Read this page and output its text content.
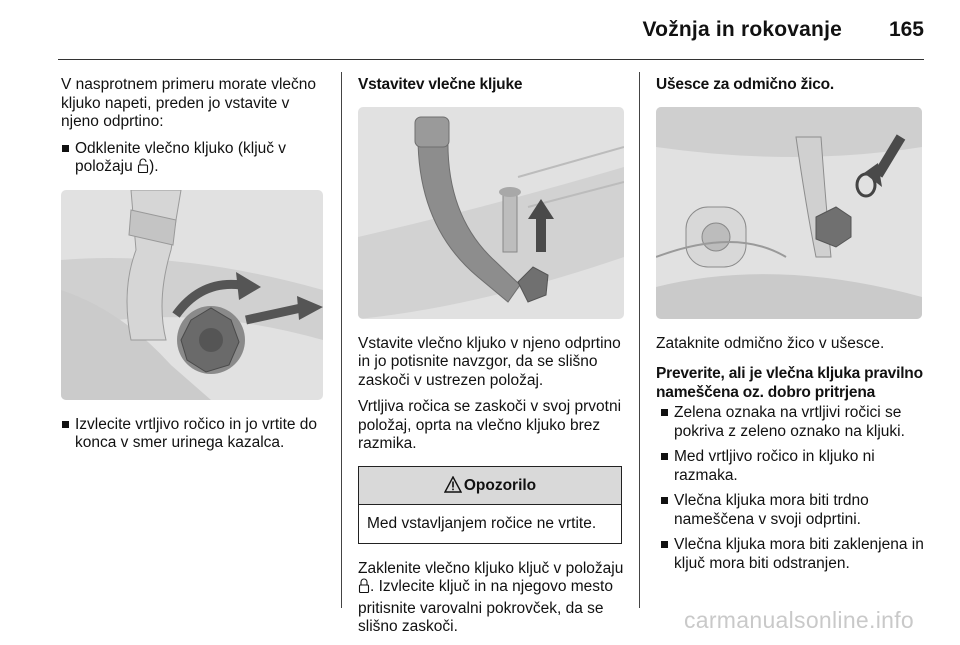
Vožnja in rokovanje 165

V nasprotnem primeru morate vlečno kljuko napeti, preden jo vstavite v njeno odprtino:

Odklenite vlečno kljuko (ključ v položaju ).
Izvlecite vrtljivo ročico in jo vrtite do konca v smer urinega kazalca.
Vstavitev vlečne kljuke

Vstavite vlečno kljuko v njeno odprtino in jo potisnite navzgor, da se slišno zaskoči v ustrezen položaj.

Vrtljiva ročica se zaskoči v svoj prvotni položaj, oprta na vlečno kljuko brez razmika.

Opozorilo
Med vstavljanjem ročice ne vrtite.

Zaklenite vlečno kljuko ključ v položaju . Izvlecite ključ in na njegovo mesto pritisnite varovalni pokrovček, da se slišno zaskoči.

Ušesce za odmično žico.

Zataknite odmično žico v ušesce.

Preverite, ali je vlečna kljuka pravilno nameščena oz. dobro pritrjena
Zelena oznaka na vrtljivi ročici se pokriva z zeleno oznako na kljuki.
Med vrtljivo ročico in kljuko ni razmaka.
Vlečna kljuka mora biti trdno nameščena v svoji odprtini.
Vlečna kljuka mora biti zaklenjena in ključ mora biti odstranjen.
carmanualsonline.info
